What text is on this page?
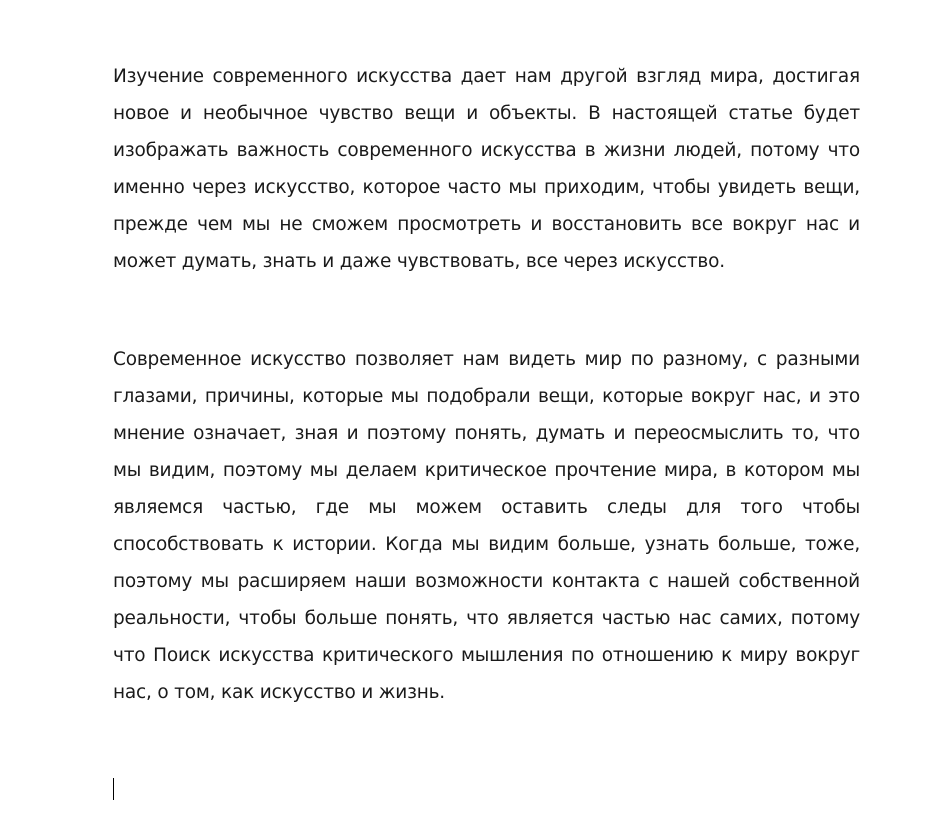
Изучение современного искусства дает нам другой взгляд мира, достигая новое и необычное чувство вещи и объекты. В настоящей статье будет изображать важность современного искусства в жизни людей, потому что именно через искусство, которое часто мы приходим, чтобы увидеть вещи, прежде чем мы не сможем просмотреть и восстановить все вокруг нас и может думать, знать и даже чувствовать, все через искусство.

Современное искусство позволяет нам видеть мир по разному, с разными глазами, причины, которые мы подобрали вещи, которые вокруг нас, и это мнение означает, зная и поэтому понять, думать и переосмыслить то, что мы видим, поэтому мы делаем критическое прочтение мира, в котором мы являемся частью, где мы можем оставить следы для того чтобы способствовать к истории. Когда мы видим больше, узнать больше, тоже, поэтому мы расширяем наши возможности контакта с нашей собственной реальности, чтобы больше понять, что является частью нас самих, потому что Поиск искусства критического мышления по отношению к миру вокруг нас, о том, как искусство и жизнь.
